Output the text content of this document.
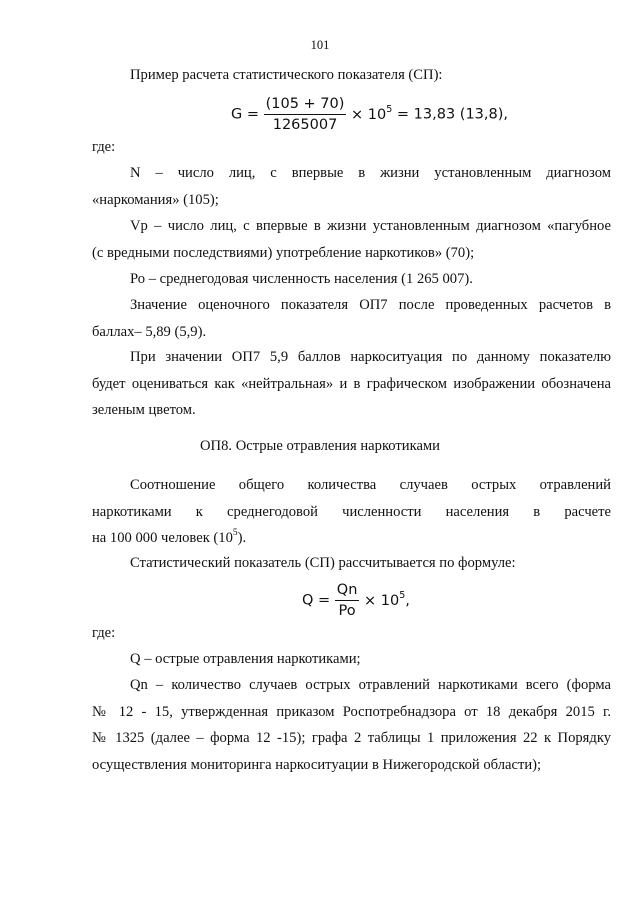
101
Пример расчета статистического показателя (СП):
$G = \frac{(105 + 70)}{1265007} \times 10^5 = 13,83$ (13,8),
где:
N – число лиц, с впервые в жизни установленным диагнозом
«наркомания» (105);
Vp – число лиц, с впервые в жизни установленным диагнозом «пагубное
(с вредными последствиями) употребление наркотиков» (70);
Ро – среднегодовая численность населения (1 265 007).
Значение оценочного показателя ОП7 после проведенных расчетов в
баллах– 5,89 (5,9).
При значении ОП7 5,9 баллов наркоситуация по данному показателю
будет оцениваться как «нейтральная» и в графическом изображении обозначена
зеленым цветом.
ОП8. Острые отравления наркотиками
Соотношение общего количества случаев острых отравлений
наркотиками к среднегодовой численности населения в расчете
на 100 000 человек $(10^5)$.
Статистический показатель (СП) рассчитывается по формуле:
$Q = \frac{Qn}{Po} \times 10^5$,
где:
Q – острые отравления наркотиками;
Qn – количество случаев острых отравлений наркотиками всего (форма
№ 12 - 15, утвержденная приказом Роспотребнадзора от 18 декабря 2015 г.
№ 1325 (далее – форма 12 -15); графа 2 таблицы 1 приложения 22 к Порядку
осуществления мониторинга наркоситуации в Нижегородской области);
